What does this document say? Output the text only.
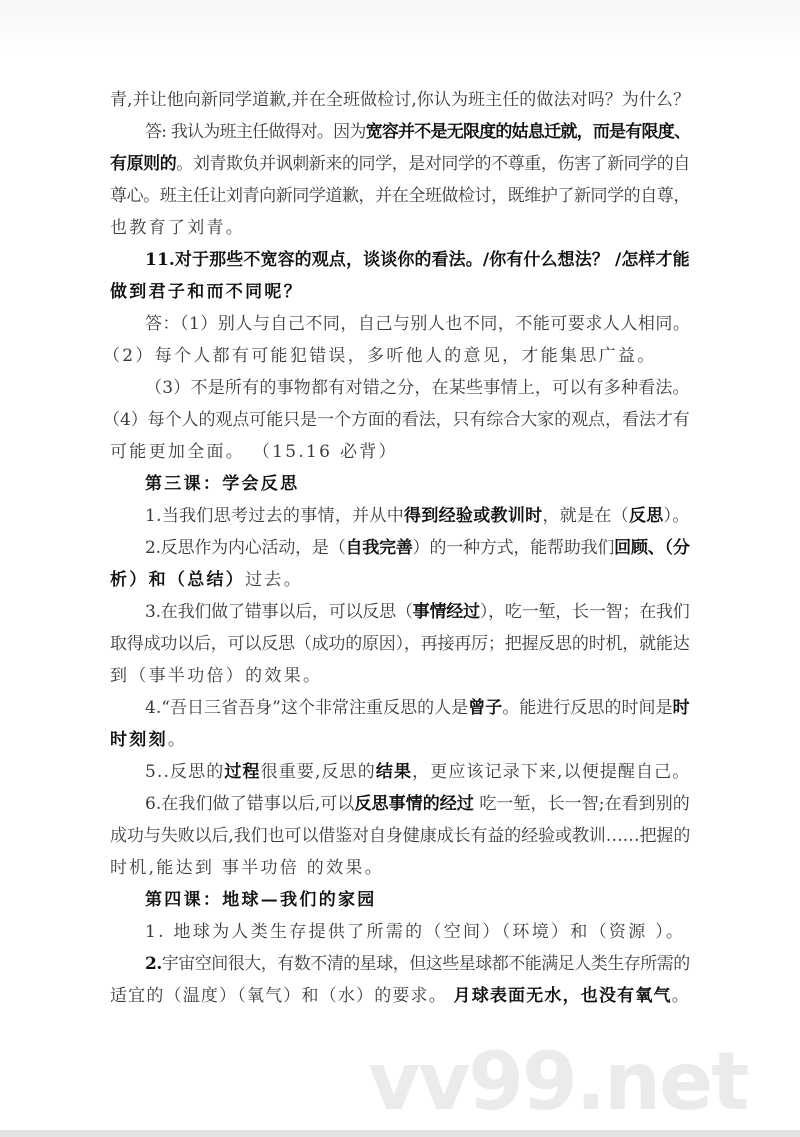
青,并让他向新同学道歉,并在全班做检讨,你认为班主任的做法对吗？为什么？
答: 我认为班主任做得对。因为宽容并不是无限度的姑息迁就，而是有限度、
有原则的。刘青欺负并讽刺新来的同学，是对同学的不尊重，伤害了新同学的自
尊心。班主任让刘青向新同学道歉，并在全班做检讨，既维护了新同学的自尊，
也教育了刘青。
11.对于那些不宽容的观点，谈谈你的看法。/你有什么想法？ /怎样才能
做到君子和而不同呢？
答：（1）别人与自己不同，自己与别人也不同，不能可要求人人相同。
（2）每个人都有可能犯错误，多听他人的意见，才能集思广益。
（3）不是所有的事物都有对错之分，在某些事情上，可以有多种看法。
（4）每个人的观点可能只是一个方面的看法，只有综合大家的观点，看法才有
可能更加全面。 （15.16 必背）
第三课：学会反思
1.当我们思考过去的事情，并从中得到经验或教训时，就是在（反思）。
2.反思作为内心活动，是（自我完善）的一种方式，能帮助我们回顾、（分
析）和（总结）过去。
3.在我们做了错事以后，可以反思（事情经过），吃一堑，长一智；在我们
取得成功以后，可以反思（成功的原因），再接再厉；把握反思的时机，就能达
到（事半功倍）的效果。
4.“吾日三省吾身”这个非常注重反思的人是曾子。能进行反思的时间是时
时刻刻。
5..反思的过程很重要,反思的结果，更应该记录下来,以便提醒自己。
6.在我们做了错事以后,可以反思事情的经过 吃一堑，长一智;在看到别的
成功与失败以后,我们也可以借鉴对自身健康成长有益的经验或教训……把握的
时机,能达到 事半功倍 的效果。
第四课：地球—我们的家园
1. 地球为人类生存提供了所需的（空间）（环境）和（资源 ）。
2.宇宙空间很大，有数不清的星球，但这些星球都不能满足人类生存所需的
适宜的（温度）（氧气）和（水）的要求。 月球表面无水，也没有氧气。
vv99.net
